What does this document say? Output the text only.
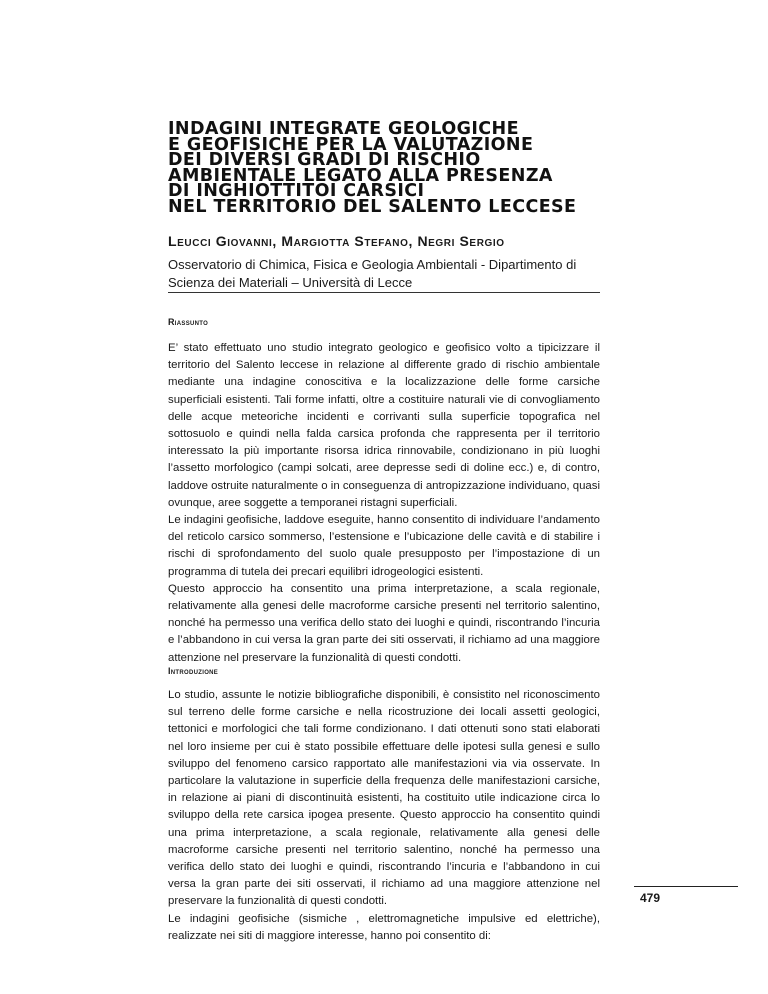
INDAGINI INTEGRATE GEOLOGICHE
E GEOFISICHE PER LA VALUTAZIONE
DEI DIVERSI GRADI DI RISCHIO
AMBIENTALE LEGATO ALLA PRESENZA
DI INGHIOTTITOI CARSICI
NEL TERRITORIO DEL SALENTO LECCESE

Leucci Giovanni, Margiotta Stefano, Negri Sergio

Osservatorio di Chimica, Fisica e Geologia Ambientali - Dipartimento di Scienza dei Materiali – Università di Lecce

Riassunto

E’ stato effettuato uno studio integrato geologico e geofisico volto a tipicizzare il territorio del Salento leccese in relazione al differente grado di rischio ambientale mediante una indagine conoscitiva e la localizzazione delle forme carsiche superficiali esistenti. Tali forme infatti, oltre a costituire naturali vie di convogliamento delle acque meteoriche incidenti e corrivanti sulla superficie topografica nel sottosuolo e quindi nella falda carsica profonda che rappresenta per il territorio interessato la più importante risorsa idrica rinnovabile, condizionano in più luoghi l’assetto morfologico (campi solcati, aree depresse sedi di doline ecc.) e, di contro, laddove ostruite naturalmente o in conseguenza di antropizzazione individuano, quasi ovunque, aree soggette a temporanei ristagni superficiali.

Le indagini geofisiche, laddove eseguite, hanno consentito di individuare l’andamento del reticolo carsico sommerso, l’estensione e l’ubicazione delle cavità e di stabilire i rischi di sprofondamento del suolo quale presupposto per l’impostazione di un programma di tutela dei precari equilibri idrogeologici esistenti.

Questo approccio ha consentito una prima interpretazione, a scala regionale, relativamente alla genesi delle macroforme carsiche presenti nel territorio salentino, nonché ha permesso una verifica dello stato dei luoghi e quindi, riscontrando l’incuria e l’abbandono in cui versa la gran parte dei siti osservati, il richiamo ad una maggiore attenzione nel preservare la funzionalità di questi condotti.

Introduzione

Lo studio, assunte le notizie bibliografiche disponibili, è consistito nel riconoscimento sul terreno delle forme carsiche e nella ricostruzione dei locali assetti geologici, tettonici e morfologici che tali forme condizionano. I dati ottenuti sono stati elaborati nel loro insieme per cui è stato possibile effettuare delle ipotesi sulla genesi e sullo sviluppo del fenomeno carsico rapportato alle manifestazioni via via osservate. In particolare la valutazione in superficie della frequenza delle manifestazioni carsiche, in relazione ai piani di discontinuità esistenti, ha costituito utile indicazione circa lo sviluppo della rete carsica ipogea presente. Questo approccio ha consentito quindi una prima interpretazione, a scala regionale, relativamente alla genesi delle macroforme carsiche presenti nel territorio salentino, nonché ha permesso una verifica dello stato dei luoghi e quindi, riscontrando l’incuria e l’abbandono in cui versa la gran parte dei siti osservati, il richiamo ad una maggiore attenzione nel preservare la funzionalità di questi condotti.

Le indagini geofisiche (sismiche , elettromagnetiche impulsive ed elettriche), realizzate nei siti di maggiore interesse, hanno poi consentito di:

479
